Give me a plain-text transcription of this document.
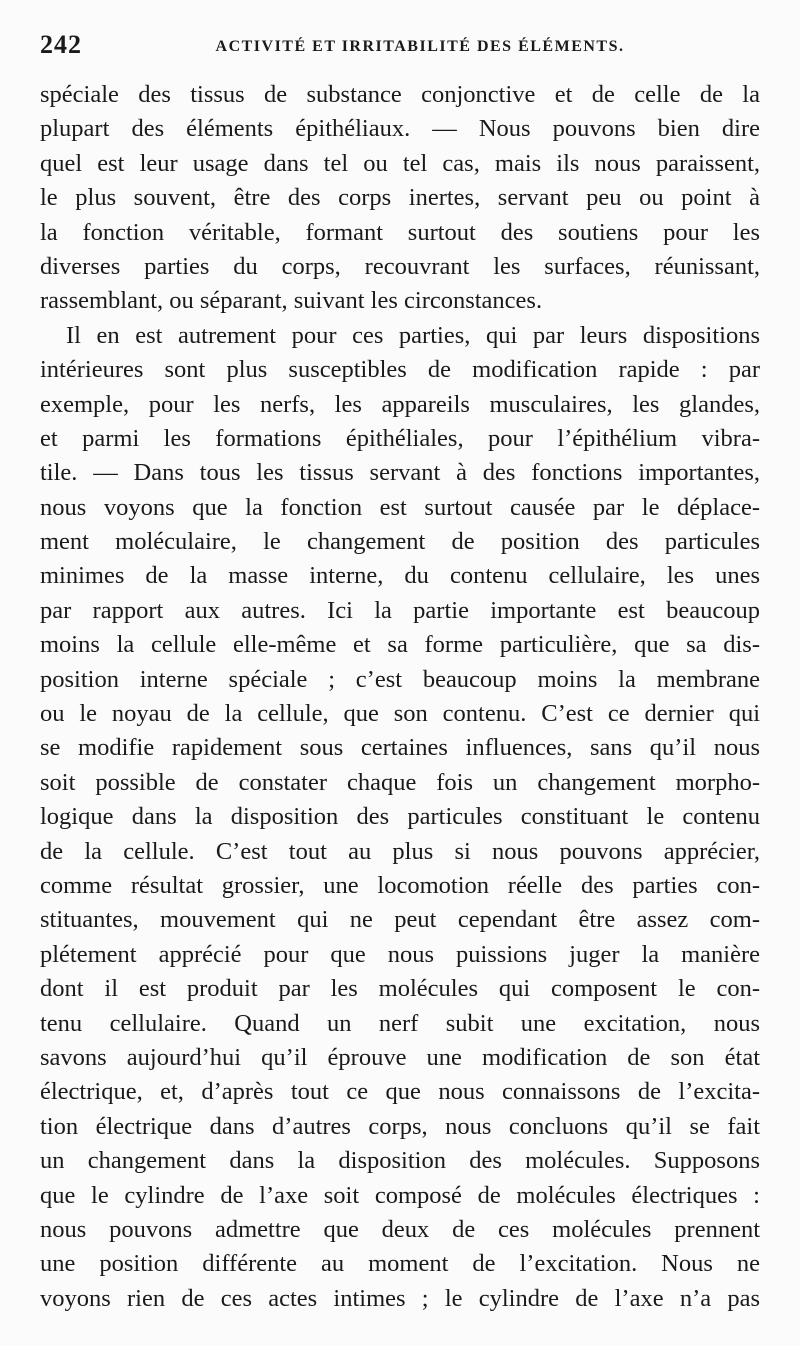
242	ACTIVITÉ ET IRRITABILITÉ DES ÉLÉMENTS.
spéciale des tissus de substance conjonctive et de celle de la
plupart des éléments épithéliaux. — Nous pouvons bien dire
quel est leur usage dans tel ou tel cas, mais ils nous paraissent,
le plus souvent, être des corps inertes, servant peu ou point à
la fonction véritable, formant surtout des soutiens pour les
diverses parties du corps, recouvrant les surfaces, réunissant,
rassemblant, ou séparant, suivant les circonstances.
Il en est autrement pour ces parties, qui par leurs dispositions
intérieures sont plus susceptibles de modification rapide : par
exemple, pour les nerfs, les appareils musculaires, les glandes,
et parmi les formations épithéliales, pour l’épithélium vibra-
tile. — Dans tous les tissus servant à des fonctions importantes,
nous voyons que la fonction est surtout causée par le déplace-
ment moléculaire, le changement de position des particules
minimes de la masse interne, du contenu cellulaire, les unes
par rapport aux autres. Ici la partie importante est beaucoup
moins la cellule elle-même et sa forme particulière, que sa dis-
position interne spéciale ; c’est beaucoup moins la membrane
ou le noyau de la cellule, que son contenu. C’est ce dernier qui
se modifie rapidement sous certaines influences, sans qu’il nous
soit possible de constater chaque fois un changement morpho-
logique dans la disposition des particules constituant le contenu
de la cellule. C’est tout au plus si nous pouvons apprécier,
comme résultat grossier, une locomotion réelle des parties con-
stituantes, mouvement qui ne peut cependant être assez com-
plétement apprécié pour que nous puissions juger la manière
dont il est produit par les molécules qui composent le con-
tenu cellulaire. Quand un nerf subit une excitation, nous
savons aujourd’hui qu’il éprouve une modification de son état
électrique, et, d’après tout ce que nous connaissons de l’excita-
tion électrique dans d’autres corps, nous concluons qu’il se fait
un changement dans la disposition des molécules. Supposons
que le cylindre de l’axe soit composé de molécules électriques :
nous pouvons admettre que deux de ces molécules prennent
une position différente au moment de l’excitation. Nous ne
voyons rien de ces actes intimes ; le cylindre de l’axe n’a pas
